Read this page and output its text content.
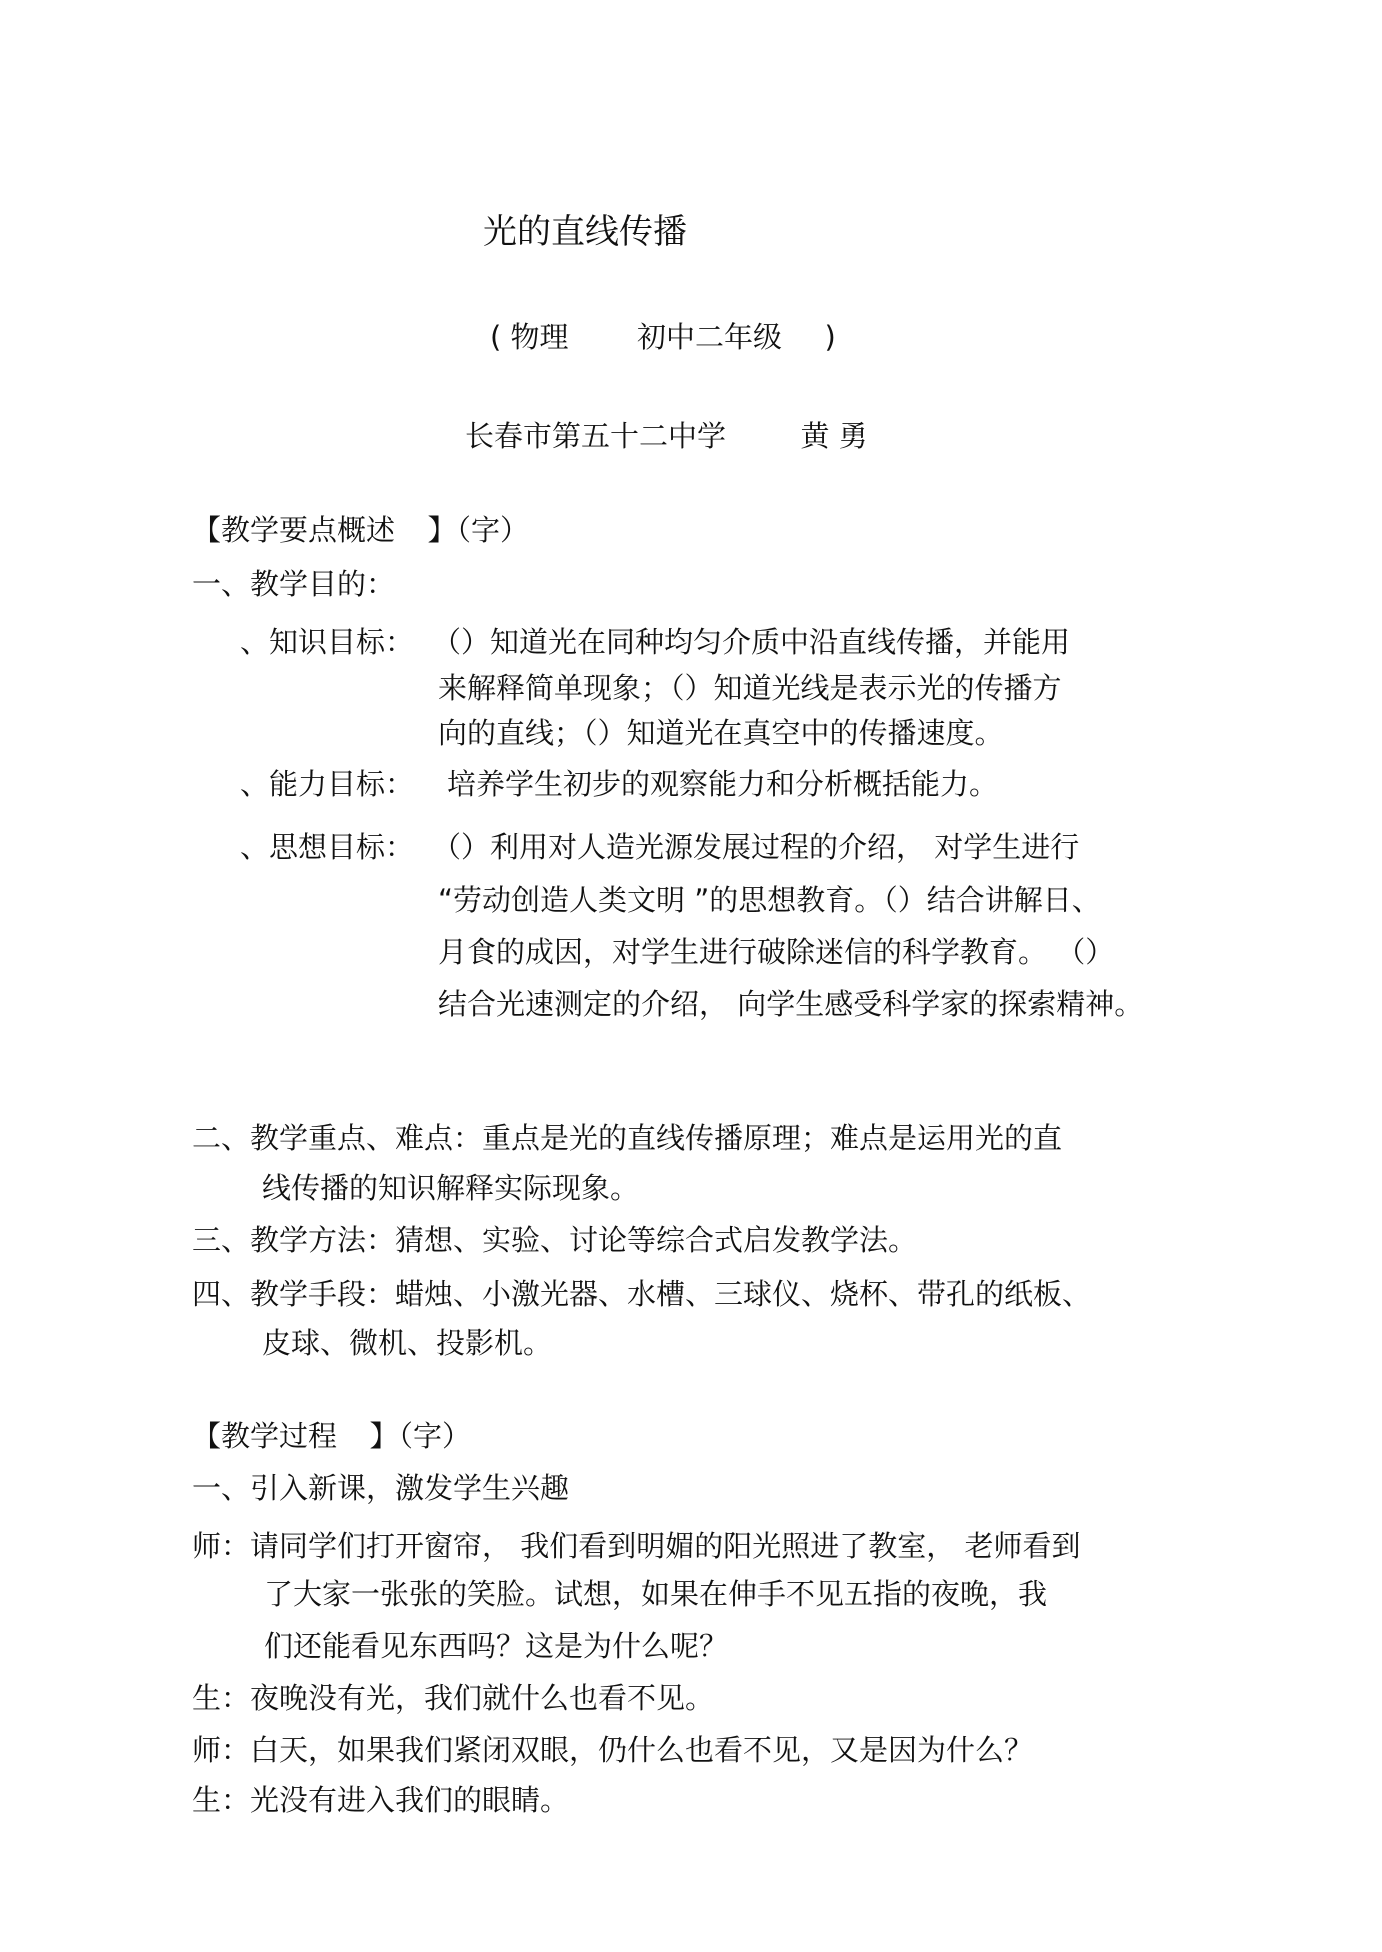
光的直线传播
( 物理 初中二年级 )
长春市第五十二中学	黄 勇
【教学要点概述 】（字）
一、教学目的：
、知识目标： （）知道光在同种均匀介质中沿直线传播，并能用
来解释简单现象；（）知道光线是表示光的传播方
向的直线；（）知道光在真空中的传播速度。
、能力目标： 培养学生初步的观察能力和分析概括能力。
、思想目标： （）利用对人造光源发展过程的介绍， 对学生进行
“劳动创造人类文明 ”的思想教育。（）结合讲解日、
月食的成因，对学生进行破除迷信的科学教育。 （）
结合光速测定的介绍， 向学生感受科学家的探索精神。
二、教学重点、难点：重点是光的直线传播原理；难点是运用光的直
线传播的知识解释实际现象。
三、教学方法：猜想、实验、讨论等综合式启发教学法。
四、教学手段：蜡烛、小激光器、水槽、三球仪、烧杯、带孔的纸板、
皮球、微机、投影机。
【教学过程 】（字）
一、引入新课，激发学生兴趣
师：请同学们打开窗帘， 我们看到明媚的阳光照进了教室， 老师看到
了大家一张张的笑脸。试想，如果在伸手不见五指的夜晚，我
们还能看见东西吗？这是为什么呢？
生：夜晚没有光，我们就什么也看不见。
师：白天，如果我们紧闭双眼，仍什么也看不见，又是因为什么？
生：光没有进入我们的眼睛。
